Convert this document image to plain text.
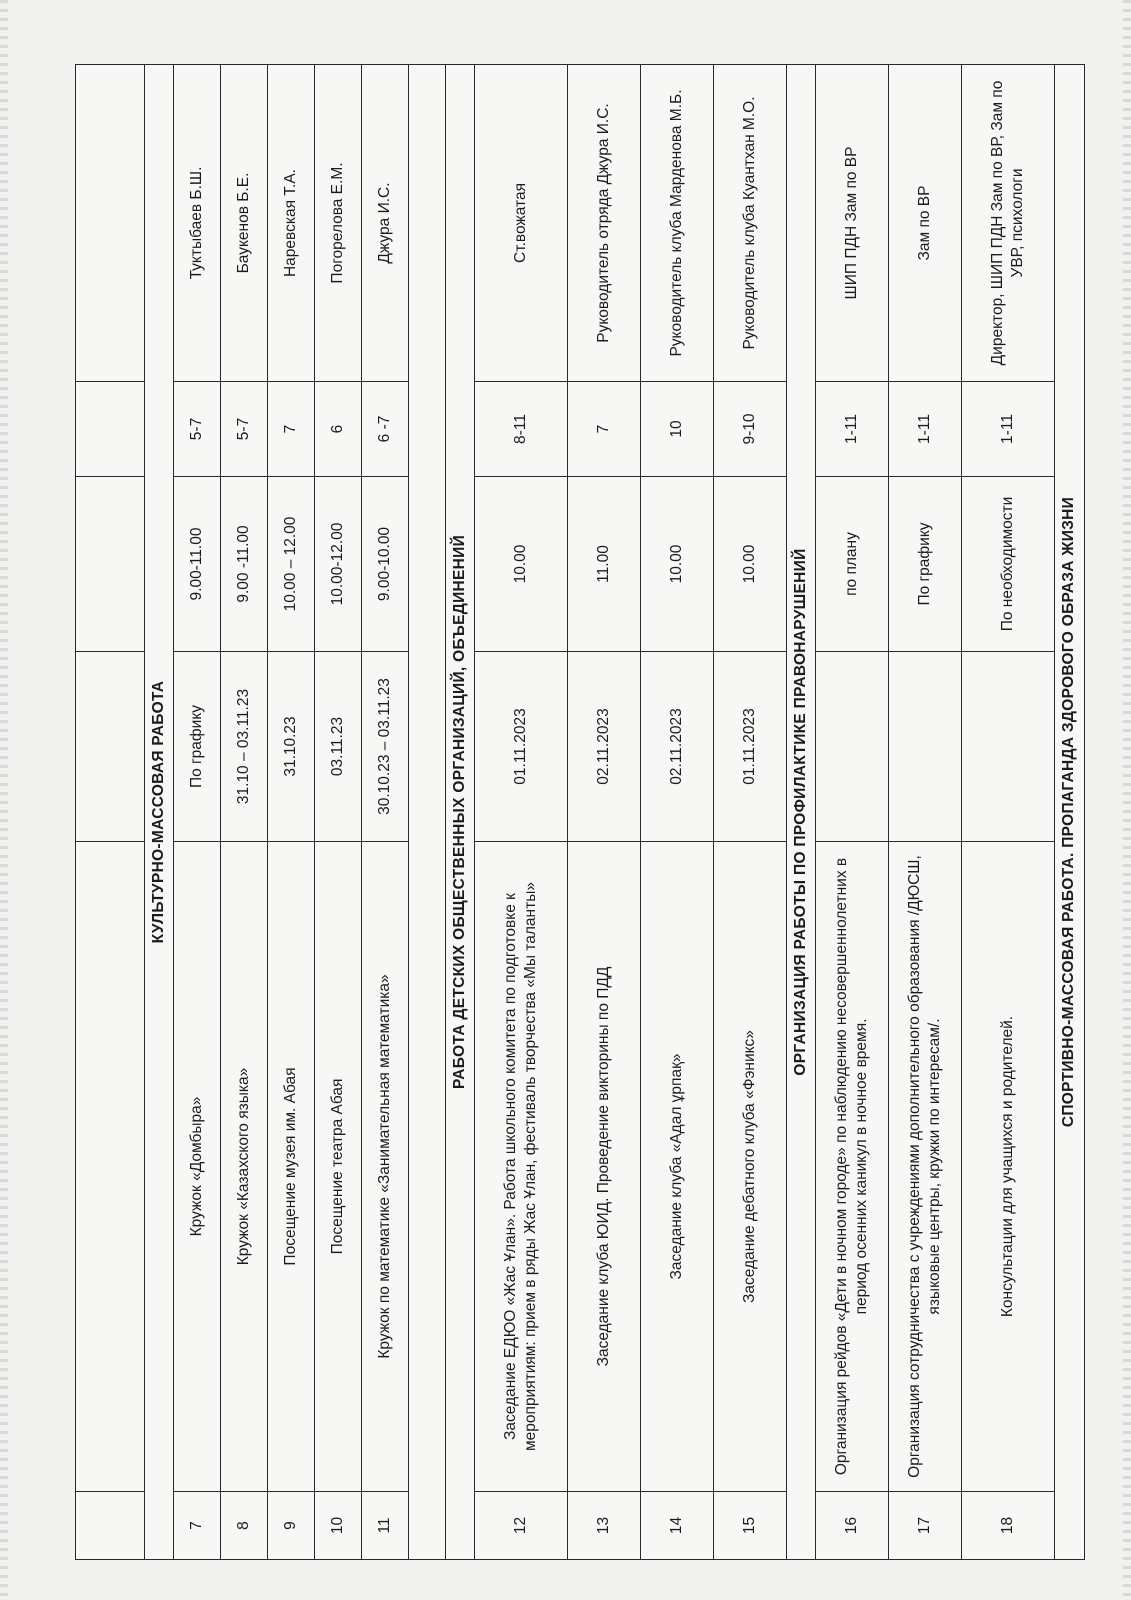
КУЛЬТУРНО-МАССОВАЯ РАБОТА					
7	Кружок «Домбыра»	По графику	9.00-11.00	5-7	Туктыбаев Б.Ш.
8	Кружок «Казахского языка»	31.10 – 03.11.23	9.00 -11.00	5-7	Баукенов Б.Е.
9	Посещение музея им. Абая	31.10.23	10.00 – 12.00	7	Наревская Т.А.
10	Посещение театра Абая	03.11.23	10.00-12.00	6	Погорелова Е.М.
11	Кружок по математике «Занимательная математика»	30.10.23 – 03.11.23	9.00-10.00	6 -7	Джура И.С.

РАБОТА ДЕТСКИХ ОБЩЕСТВЕННЫХ ОРГАНИЗАЦИЙ, ОБЪЕДИНЕНИЙ					
12	Заседание ЕДЮО «Жас Ұлан». Работа школьного комитета по подготовке к мероприятиям: прием в ряды Жас Ұлан, фестиваль творчества «Мы таланты»	01.11.2023	10.00	8-11	Ст.вожатая
13	Заседание клуба ЮИД. Проведение викторины по ПДД	02.11.2023	11.00	7	Руководитель отряда Джура И.С.
14	Заседание клуба «Адал ұрпақ»	02.11.2023	10.00	10	Руководитель клуба Марденова М.Б.
15	Заседание дебатного клуба «Фэникс»	01.11.2023	10.00	9-10	Руководитель клуба Куантхан М.О.
ОРГАНИЗАЦИЯ РАБОТЫ ПО ПРОФИЛАКТИКЕ ПРАВОНАРУШЕНИЙ					
16	Организация рейдов «Дети в ночном городе» по наблюдению несовершеннолетних в период осенних каникул в ночное время.		по плану	1-11	ШИП ПДН Зам по ВР
17	Организация сотрудничества с учреждениями дополнительного образования /ДЮСШ, языковые центры, кружки по интересам/.		По графику	1-11	Зам по ВР
18	Консультации для учащихся и родителей.		По необходимости	1-11	Директор, ШИП ПДН Зам по ВР, Зам по УВР, психологи
СПОРТИВНО-МАССОВАЯ РАБОТА. ПРОПАГАНДА ЗДОРОВОГО ОБРАЗА ЖИЗНИ					
